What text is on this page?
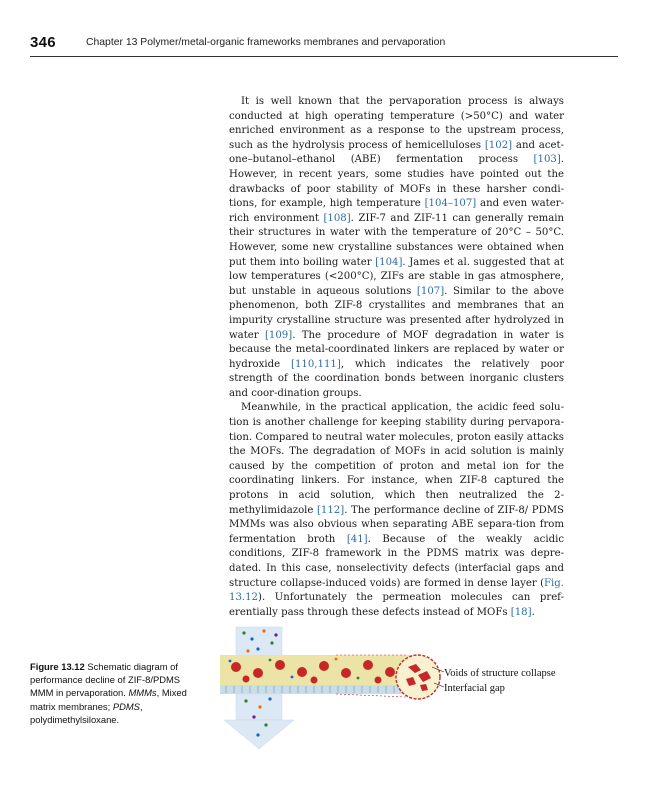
346	Chapter 13 Polymer/metal-organic frameworks membranes and pervaporation

It is well known that the pervaporation process is always conducted at high operating temperature (>50°C) and water enriched environment as a response to the upstream process, such as the hydrolysis process of hemicelluloses [102] and acet-one–butanol–ethanol (ABE) fermentation process [103]. However, in recent years, some studies have pointed out the drawbacks of poor stability of MOFs in these harsher condi-tions, for example, high temperature [104–107] and even water-rich environment [108]. ZIF-7 and ZIF-11 can generally remain their structures in water with the temperature of 20°C – 50°C. However, some new crystalline substances were obtained when put them into boiling water [104]. James et al. suggested that at low temperatures (<200°C), ZIFs are stable in gas atmosphere, but unstable in aqueous solutions [107]. Similar to the above phenomenon, both ZIF-8 crystallites and membranes that an impurity crystalline structure was presented after hydrolyzed in water [109]. The procedure of MOF degradation in water is because the metal-coordinated linkers are replaced by water or hydroxide [110,111], which indicates the relatively poor strength of the coordination bonds between inorganic clusters and coor-dination groups.

Meanwhile, in the practical application, the acidic feed solu-tion is another challenge for keeping stability during pervapora-tion. Compared to neutral water molecules, proton easily attacks the MOFs. The degradation of MOFs in acid solution is mainly caused by the competition of proton and metal ion for the coordinating linkers. For instance, when ZIF-8 captured the protons in acid solution, which then neutralized the 2-methylimidazole [112]. The performance decline of ZIF-8/ PDMS MMMs was also obvious when separating ABE separa-tion from fermentation broth [41]. Because of the weakly acidic conditions, ZIF-8 framework in the PDMS matrix was depre-dated. In this case, nonselectivity defects (interfacial gaps and structure collapse-induced voids) are formed in dense layer (Fig. 13.12). Unfortunately the permeation molecules can pref-erentially pass through these defects instead of MOFs [18].

Figure 13.12 Schematic diagram of performance decline of ZIF-8/PDMS MMM in pervaporation. MMMs, Mixed matrix membranes; PDMS, polydimethylsiloxane.
Voids of structure collapse
Interfacial gap
